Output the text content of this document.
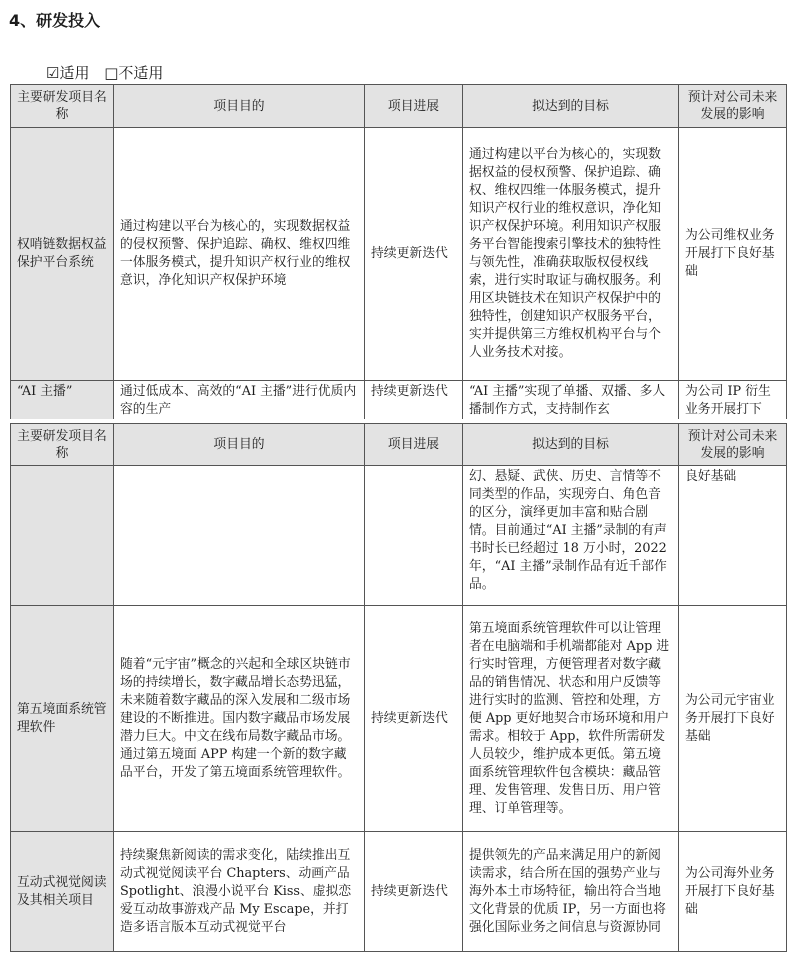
4、研发投入
☑适用 □不适用
主要研发项目名称	项目目的	项目进展	拟达到的目标	预计对公司未来发展的影响
权哨链数据权益保护平台系统	通过构建以平台为核心的，实现数据权益的侵权预警、保护追踪、确权、维权四维一体服务模式，提升知识产权行业的维权意识，净化知识产权保护环境	持续更新迭代	通过构建以平台为核心的，实现数据权益的侵权预警、保护追踪、确权、维权四维一体服务模式，提升知识产权行业的维权意识，净化知识产权保护环境。利用知识产权服务平台智能搜索引擎技术的独特性与领先性，准确获取版权侵权线索，进行实时取证与确权服务。利用区块链技术在知识产权保护中的独特性，创建知识产权服务平台，实并提供第三方维权机构平台与个人业务技术对接。	为公司维权业务开展打下良好基础
“AI 主播”	通过低成本、高效的“AI 主播”进行优质内容的生产	持续更新迭代	“AI 主播”实现了单播、双播、多人播制作方式，支持制作玄	为公司 IP 衍生业务开展打下
主要研发项目名称	项目目的	项目进展	拟达到的目标	预计对公司未来发展的影响
			幻、悬疑、武侠、历史、言情等不同类型的作品，实现旁白、角色音的区分，演绎更加丰富和贴合剧情。目前通过“AI 主播”录制的有声书时长已经超过 18 万小时，2022 年，“AI 主播”录制作品有近千部作品。	良好基础
第五境面系统管理软件	随着“元宇宙”概念的兴起和全球区块链市场的持续增长，数字藏品增长态势迅猛，未来随着数字藏品的深入发展和二级市场建设的不断推进。国内数字藏品市场发展潜力巨大。中文在线布局数字藏品市场。通过第五境面 APP 构建一个新的数字藏品平台，开发了第五境面系统管理软件。	持续更新迭代	第五境面系统管理软件可以让管理者在电脑端和手机端都能对 App 进行实时管理，方便管理者对数字藏品的销售情况、状态和用户反馈等进行实时的监测、管控和处理，方便 App 更好地契合市场环境和用户需求。相较于 App，软件所需研发人员较少，维护成本更低。第五境面系统管理软件包含模块：藏品管理、发售管理、发售日历、用户管理、订单管理等。	为公司元宇宙业务开展打下良好基础
互动式视觉阅读及其相关项目	持续聚焦新阅读的需求变化，陆续推出互动式视觉阅读平台 Chapters、动画产品 Spotlight、浪漫小说平台 Kiss、虚拟恋爱互动故事游戏产品 My Escape，并打造多语言版本互动式视觉平台	持续更新迭代	提供领先的产品来满足用户的新阅读需求，结合所在国的强势产业与海外本土市场特征，输出符合当地文化背景的优质 IP，另一方面也将强化国际业务之间信息与资源协同	为公司海外业务开展打下良好基础
